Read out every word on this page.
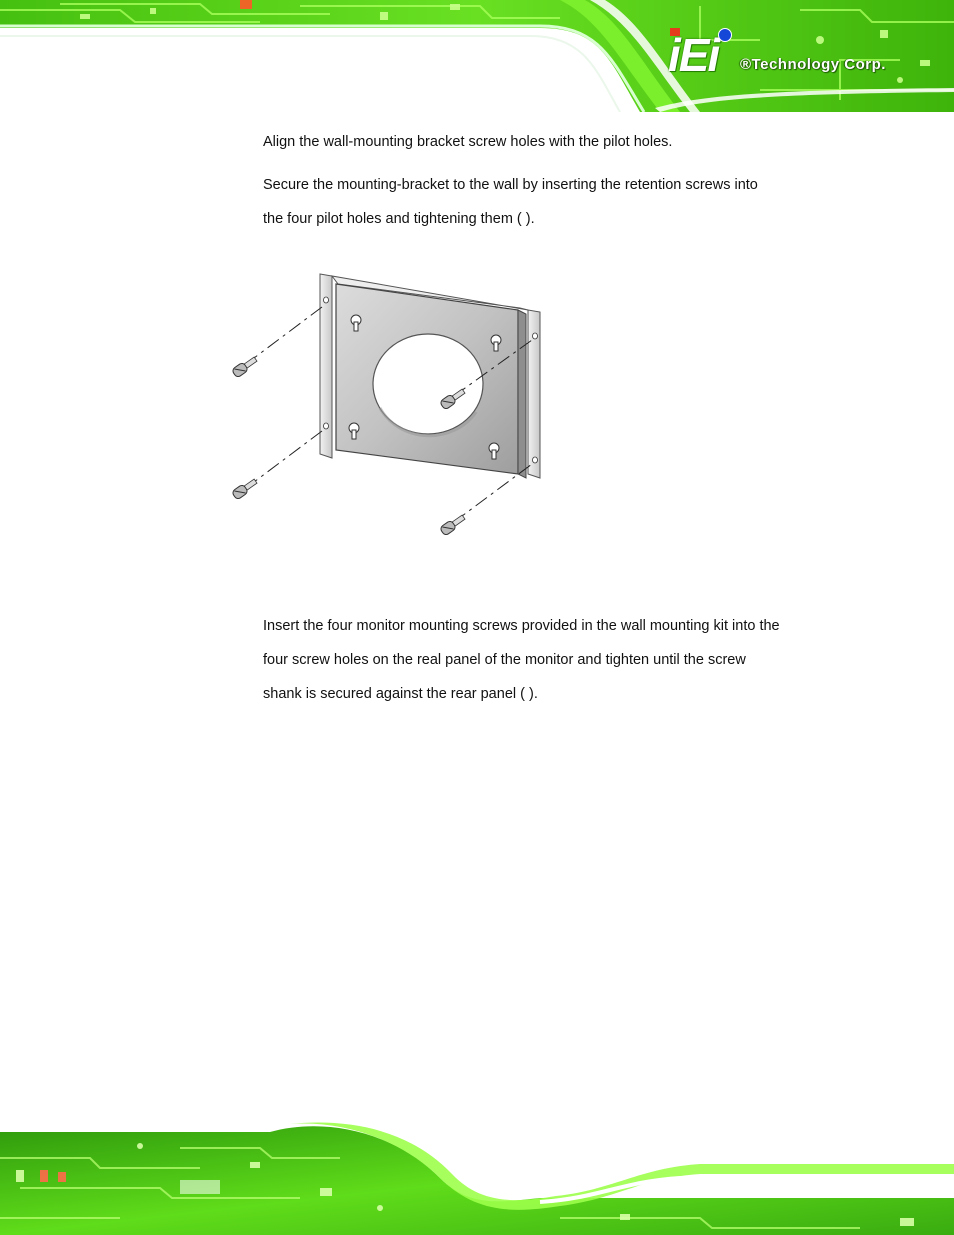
iEi ®Technology Corp.

Align the wall-mounting bracket screw holes with the pilot holes.

Secure the mounting-bracket to the wall by inserting the retention screws into
the four pilot holes and tightening them ( ).

Insert the four monitor mounting screws provided in the wall mounting kit into the
four screw holes on the real panel of the monitor and tighten until the screw
shank is secured against the rear panel ( ).
